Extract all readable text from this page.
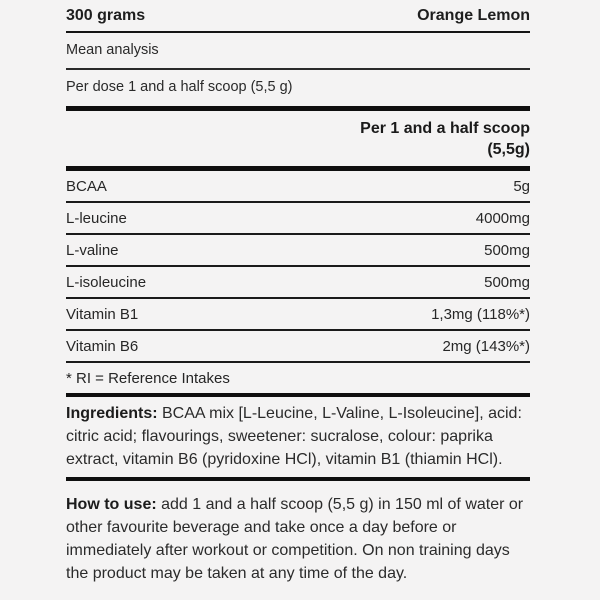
300 grams	Orange Lemon
Mean analysis
Per dose 1 and a half scoop (5,5 g)
Per 1 and a half scoop
(5,5g)
BCAA	5g
L-leucine	4000mg
L-valine	500mg
L-isoleucine	500mg
Vitamin B1	1,3mg (118%*)
Vitamin B6	2mg (143%*)
* RI = Reference Intakes
Ingredients: BCAA mix [L-Leucine, L-Valine, L-Isoleucine], acid: citric acid; flavourings, sweetener: sucralose, colour: paprika extract, vitamin B6 (pyridoxine HCl), vitamin B1 (thiamin HCl).
How to use: add 1 and a half scoop (5,5 g) in 150 ml of water or other favourite beverage and take once a day before or immediately after workout or competition. On non training days the product may be taken at any time of the day.
